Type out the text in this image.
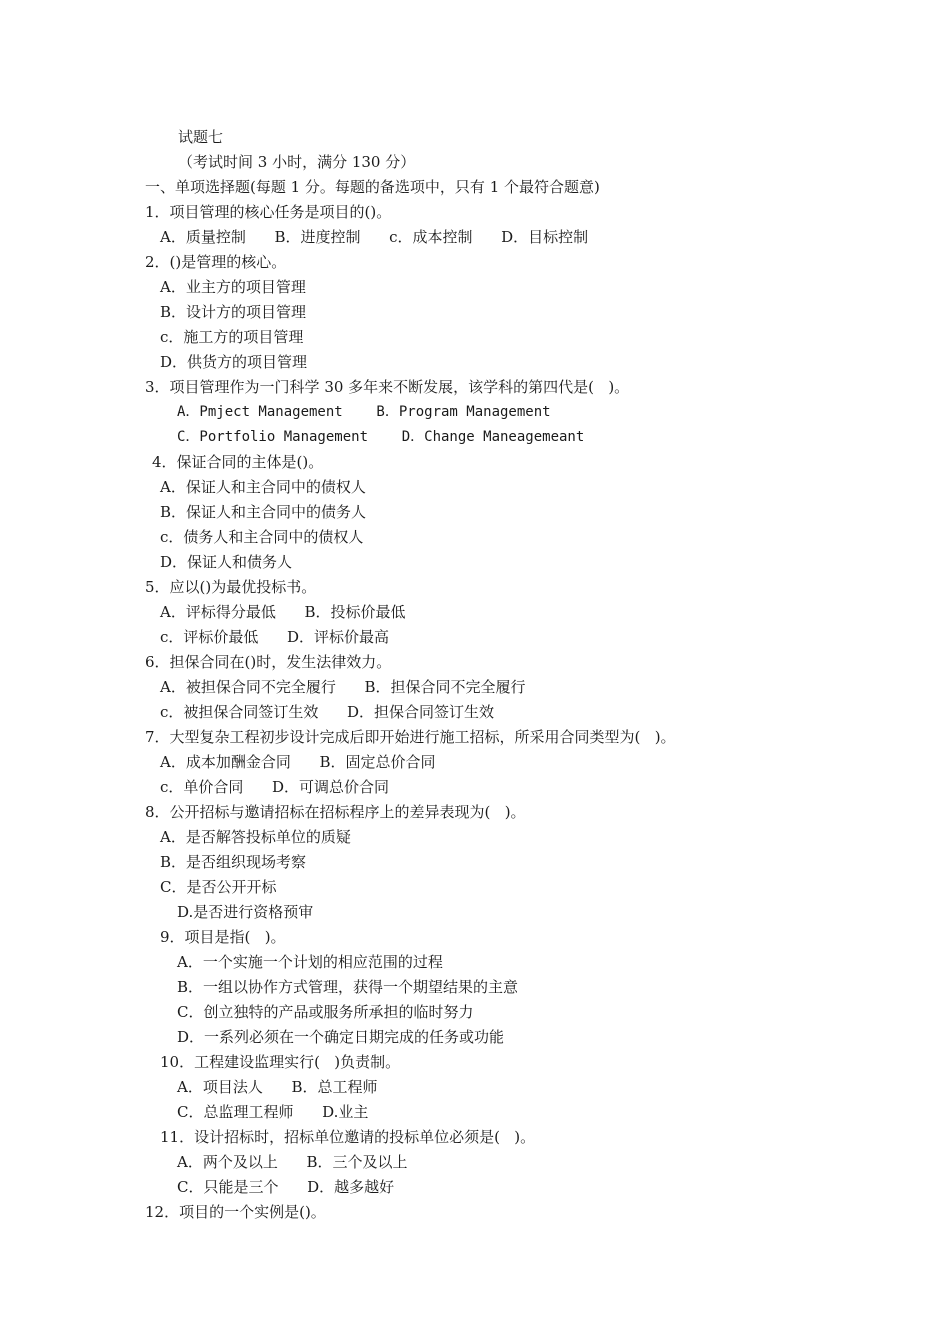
试题七
（考试时间 3 小时，满分 130 分）
一、单项选择题(每题 1 分。每题的备选项中，只有 1 个最符合题意)
1．项目管理的核心任务是项目的()。
A．质量控制      B．进度控制      c．成本控制      D．目标控制
2．()是管理的核心。
A．业主方的项目管理
B．设计方的项目管理
c．施工方的项目管理
D．供货方的项目管理
3．项目管理作为一门科学 30 多年来不断发展，该学科的第四代是(   )。
A．Pmject Management    B．Program Management
C．Portfolio Management    D．Change Maneagemeant
4．保证合同的主体是()。
A．保证人和主合同中的债权人
B．保证人和主合同中的债务人
c．债务人和主合同中的债权人
D．保证人和债务人
5．应以()为最优投标书。
A．评标得分最低      B．投标价最低
c．评标价最低      D．评标价最高
6．担保合同在()时，发生法律效力。
A．被担保合同不完全履行      B．担保合同不完全履行
c．被担保合同签订生效      D．担保合同签订生效
7．大型复杂工程初步设计完成后即开始进行施工招标，所采用合同类型为(   )。
A．成本加酬金合同      B．固定总价合同
c．单价合同      D．可调总价合同
8．公开招标与邀请招标在招标程序上的差异表现为(   )。
A．是否解答投标单位的质疑
B．是否组织现场考察
C．是否公开开标
D.是否进行资格预审
9．项目是指(   )。
A．一个实施一个计划的相应范围的过程
B．一组以协作方式管理，获得一个期望结果的主意
C．创立独特的产品或服务所承担的临时努力
D．一系列必须在一个确定日期完成的任务或功能
10．工程建设监理实行(   )负责制。
A．项目法人      B．总工程师
C．总监理工程师      D.业主
11．设计招标时，招标单位邀请的投标单位必须是(   )。
A．两个及以上      B．三个及以上
C．只能是三个      D．越多越好
12．项目的一个实例是()。
